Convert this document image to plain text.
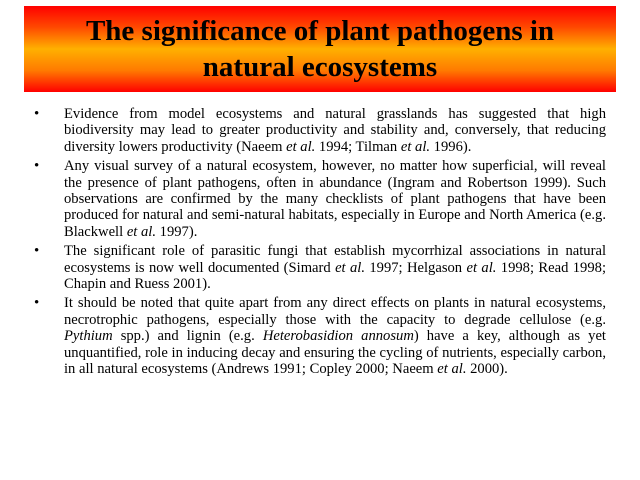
The significance of plant pathogens in
natural ecosystems
• Evidence from model ecosystems and natural grasslands has suggested that high biodiversity may lead to greater productivity and stability and, conversely, that reducing diversity lowers productivity (Naeem et al. 1994; Tilman et al. 1996).
• Any visual survey of a natural ecosystem, however, no matter how superficial, will reveal the presence of plant pathogens, often in abundance (Ingram and Robertson 1999). Such observations are confirmed by the many checklists of plant pathogens that have been produced for natural and semi-natural habitats, especially in Europe and North America (e.g. Blackwell et al. 1997).
• The significant role of parasitic fungi that establish mycorrhizal associations in natural ecosystems is now well documented (Simard et al. 1997; Helgason et al. 1998; Read 1998; Chapin and Ruess 2001).
• It should be noted that quite apart from any direct effects on plants in natural ecosystems, necrotrophic pathogens, especially those with the capacity to degrade cellulose (e.g. Pythium spp.) and lignin (e.g. Heterobasidion annosum) have a key, although as yet unquantified, role in inducing decay and ensuring the cycling of nutrients, especially carbon, in all natural ecosystems (Andrews 1991; Copley 2000; Naeem et al. 2000).
